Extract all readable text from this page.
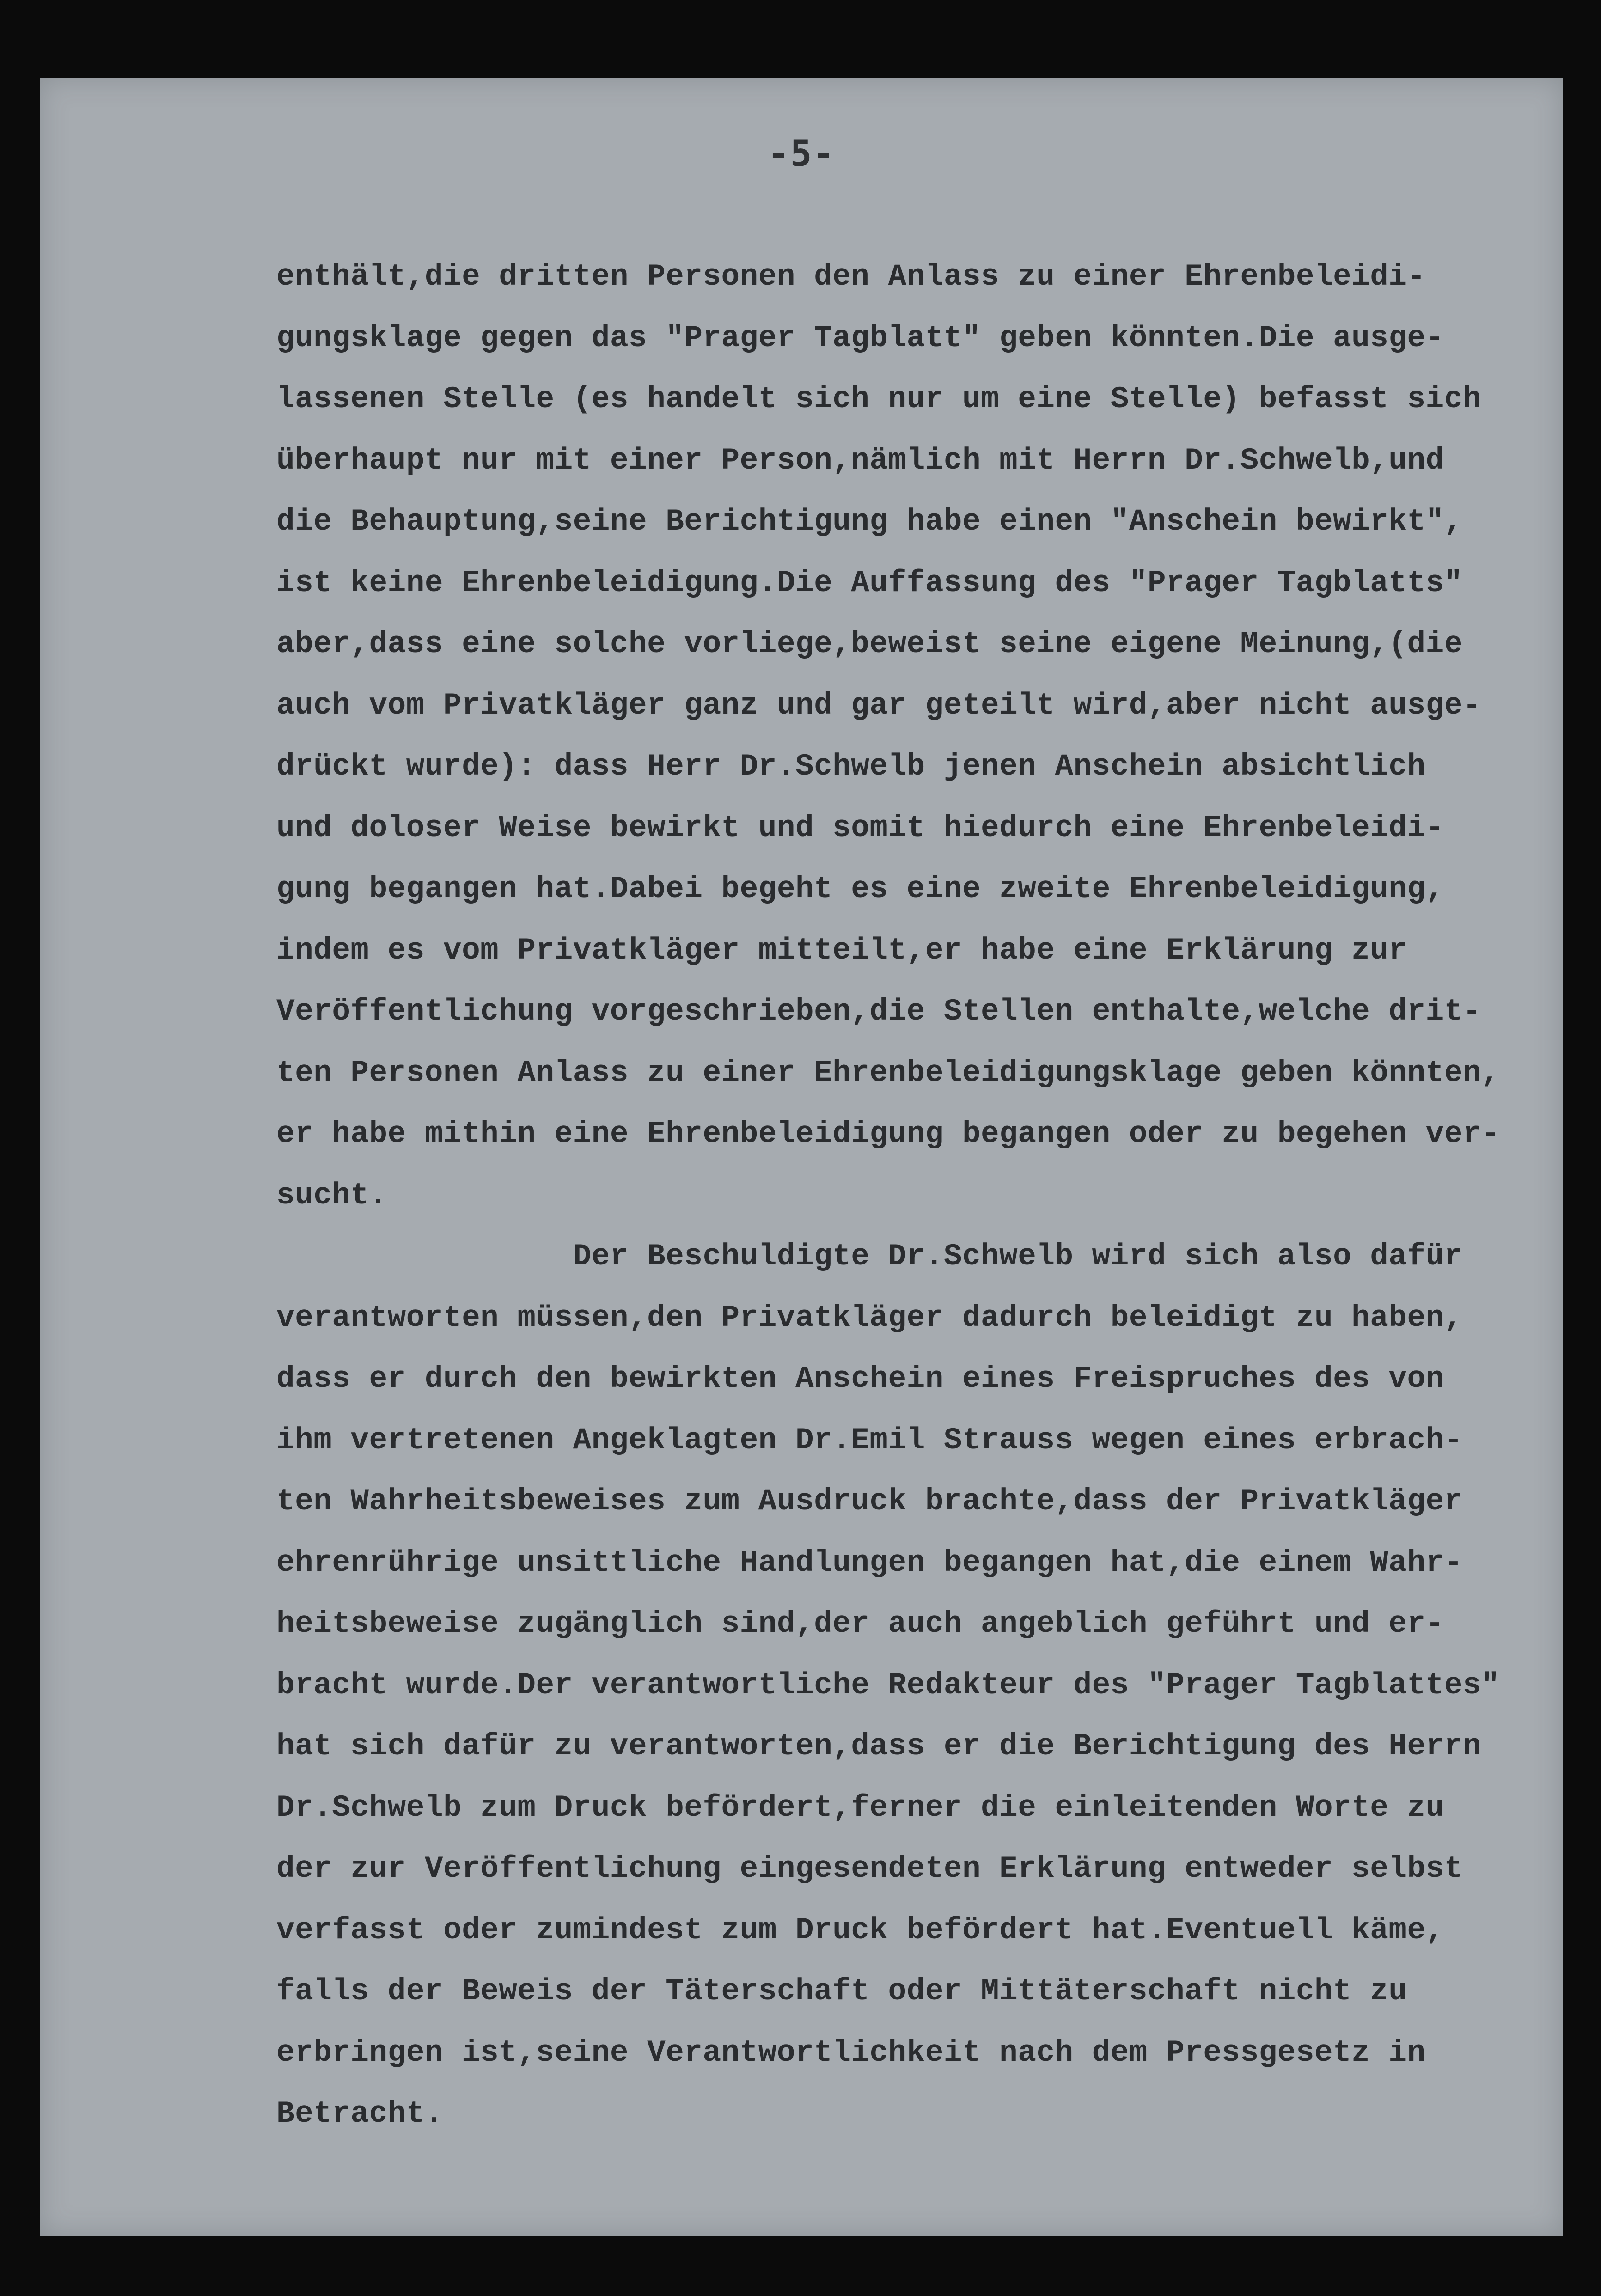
-5-
enthält,die dritten Personen den Anlass zu einer Ehrenbeleidi-
gungsklage gegen das "Prager Tagblatt" geben könnten.Die ausge-
lassenen Stelle (es handelt sich nur um eine Stelle) befasst sich
überhaupt nur mit einer Person,nämlich mit Herrn Dr.Schwelb,und
die Behauptung,seine Berichtigung habe einen "Anschein bewirkt",
ist keine Ehrenbeleidigung.Die Auffassung des "Prager Tagblatts"
aber,dass eine solche vorliege,beweist seine eigene Meinung,(die
auch vom Privatkläger ganz und gar geteilt wird,aber nicht ausge-
drückt wurde): dass Herr Dr.Schwelb jenen Anschein absichtlich
und doloser Weise bewirkt und somit hiedurch eine Ehrenbeleidi-
gung begangen hat.Dabei begeht es eine zweite Ehrenbeleidigung,
indem es vom Privatkläger mitteilt,er habe eine Erklärung zur
Veröffentlichung vorgeschrieben,die Stellen enthalte,welche drit-
ten Personen Anlass zu einer Ehrenbeleidigungsklage geben könnten,
er habe mithin eine Ehrenbeleidigung begangen oder zu begehen ver-
sucht.
Der Beschuldigte Dr.Schwelb wird sich also dafür
verantworten müssen,den Privatkläger dadurch beleidigt zu haben,
dass er durch den bewirkten Anschein eines Freispruches des von
ihm vertretenen Angeklagten Dr.Emil Strauss wegen eines erbrach-
ten Wahrheitsbeweises zum Ausdruck brachte,dass der Privatkläger
ehrenrührige unsittliche Handlungen begangen hat,die einem Wahr-
heitsbeweise zugänglich sind,der auch angeblich geführt und er-
bracht wurde.Der verantwortliche Redakteur des "Prager Tagblattes"
hat sich dafür zu verantworten,dass er die Berichtigung des Herrn
Dr.Schwelb zum Druck befördert,ferner die einleitenden Worte zu
der zur Veröffentlichung eingesendeten Erklärung entweder selbst
verfasst oder zumindest zum Druck befördert hat.Eventuell käme,
falls der Beweis der Täterschaft oder Mittäterschaft nicht zu
erbringen ist,seine Verantwortlichkeit nach dem Pressgesetz in
Betracht.
